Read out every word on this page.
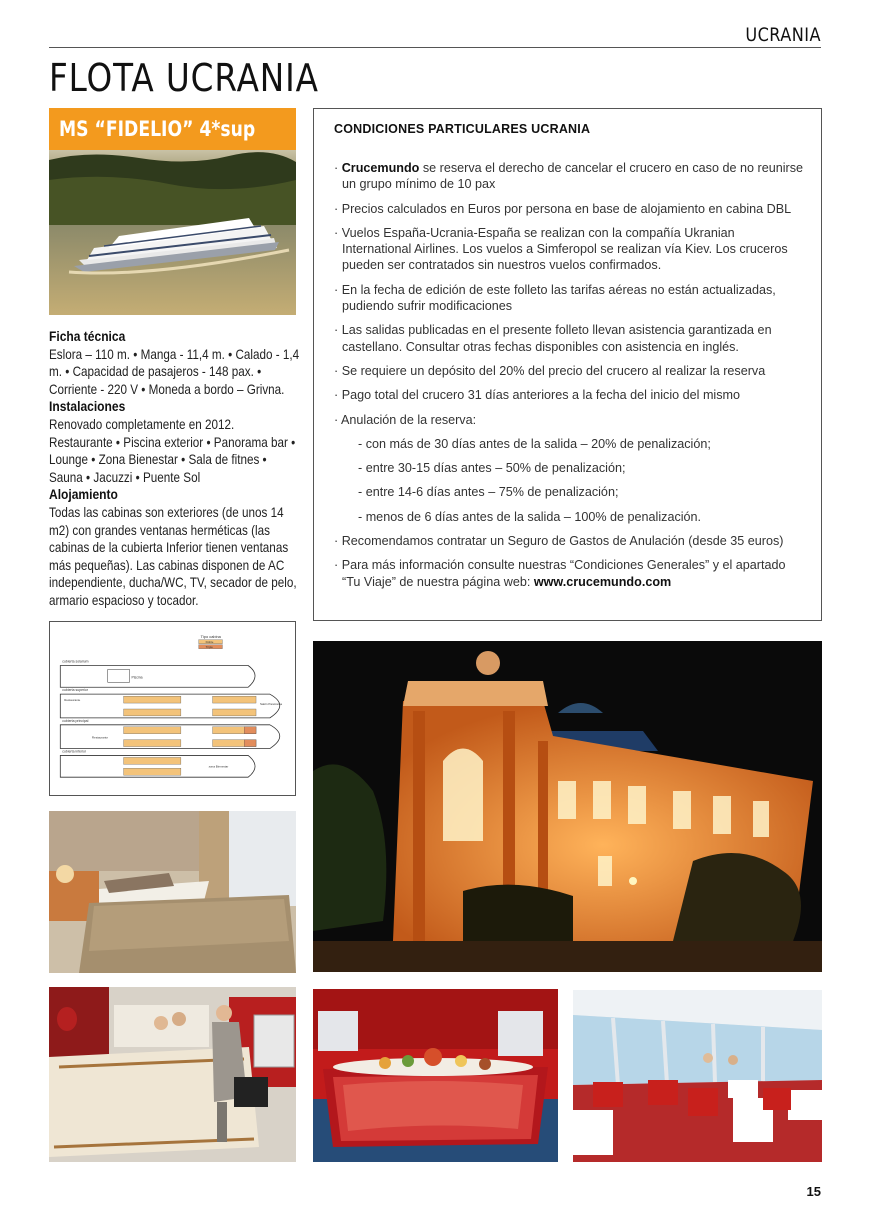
UCRANIA
FLOTA UCRANIA
MS “FIDELIO” 4*sup
Ficha técnica

Eslora – 110 m. • Manga - 11,4 m. • Calado - 1,4 m. • Capacidad de pasajeros - 148 pax. • Corriente - 220 V • Moneda a bordo – Grivna.

Instalaciones

Renovado completamente en 2012. Restaurante • Piscina exterior • Panorama bar • Lounge • Zona Bienestar • Sala de fitnes • Sauna • Jacuzzi • Puente Sol

Alojamiento

Todas las cabinas son exteriores (de unos 14 m2) con grandes ventanas herméticas (las cabinas de la cubierta Inferior tienen ventanas más pequeñas). Las cabinas disponen de AC independiente, ducha/WC, TV, secador de pelo, armario espacioso y tocador.

CONDICIONES PARTICULARES UCRANIA
· Crucemundo se reserva el derecho de cancelar el crucero en caso de no reunirse un grupo mínimo de 10 pax
· Precios calculados en Euros por persona en base de alojamiento en cabina DBL
· Vuelos España-Ucrania-España se realizan con la compañía Ukranian International Airlines. Los vuelos a Simferopol se realizan vía Kiev. Los cruceros pueden ser contratados sin nuestros vuelos confirmados.
· En la fecha de edición de este folleto las tarifas aéreas no están actualizadas, pudiendo sufrir modificaciones
· Las salidas publicadas en el presente folleto llevan asistencia garantizada en castellano. Consultar otras fechas disponibles con asistencia en inglés.
· Se requiere un depósito del 20% del precio del crucero al realizar la reserva
· Pago total del crucero 31 días anteriores a la fecha del inicio del mismo
· Anulación de la reserva:
- con más de 30 días antes de la salida – 20% de penalización;
- entre 30-15 días antes – 50% de penalización;
- entre 14-6 días antes – 75% de penalización;
- menos de 6 días antes de la salida – 100% de penalización.
· Recomendamos contratar un Seguro de Gastos de Anulación (desde 35 euros)
· Para más información consulte nuestras “Condiciones Generales” y el apartado “Tu Viaje” de nuestra página web: www.crucemundo.com
Tipo cabina
Doble
Triple
cubierta solarium
Piscina
cubierta superior
Restaurante
Salón Panorama
cubierta principal
Restaurante
cubierta inferior
zona Bienestar
15
